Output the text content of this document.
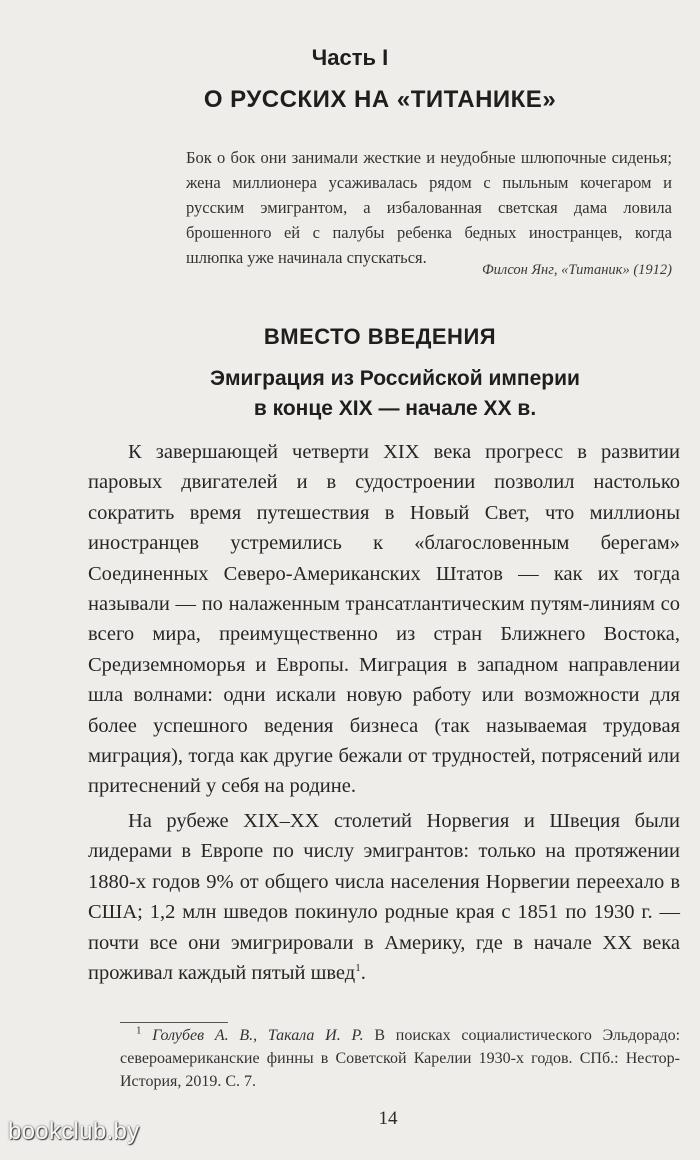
Часть I
О РУССКИХ НА «ТИТАНИКЕ»
Бок о бок они занимали жесткие и неудобные шлюпочные сиденья; жена миллионера усаживалась рядом с пыльным кочегаром и русским эмигрантом, а избалованная светская дама ловила брошенного ей с палубы ребенка бедных иностранцев, когда шлюпка уже начинала спускаться.
Филсон Янг, «Титаник» (1912)
ВМЕСТО ВВЕДЕНИЯ
Эмиграция из Российской империи
в конце XIX — начале XX в.

К завершающей четверти XIX века прогресс в развитии паровых двигателей и в судостроении позволил настолько сократить время путешествия в Новый Свет, что миллионы иностранцев устремились к «благословенным берегам» Соединенных Северо-Американских Штатов — как их тогда называли — по налаженным трансатлантическим путям-линиям со всего мира, преимущественно из стран Ближнего Востока, Средиземноморья и Европы. Миграция в западном направлении шла волнами: одни искали новую работу или возможности для более успешного ведения бизнеса (так называемая трудовая миграция), тогда как другие бежали от трудностей, потрясений или притеснений у себя на родине.

На рубеже XIX–XX столетий Норвегия и Швеция были лидерами в Европе по числу эмигрантов: только на протяжении 1880-х годов 9% от общего числа населения Норвегии переехало в США; 1,2 млн шведов покинуло родные края с 1851 по 1930 г. — почти все они эмигрировали в Америку, где в начале XX века проживал каждый пятый швед$^1$.

$^1$ Голубев А. В., Такала И. Р. В поисках социалистического Эльдорадо: североамериканские финны в Советской Карелии 1930-х годов. СПб.: Нестор-История, 2019. С. 7.
14
bookclub.by
